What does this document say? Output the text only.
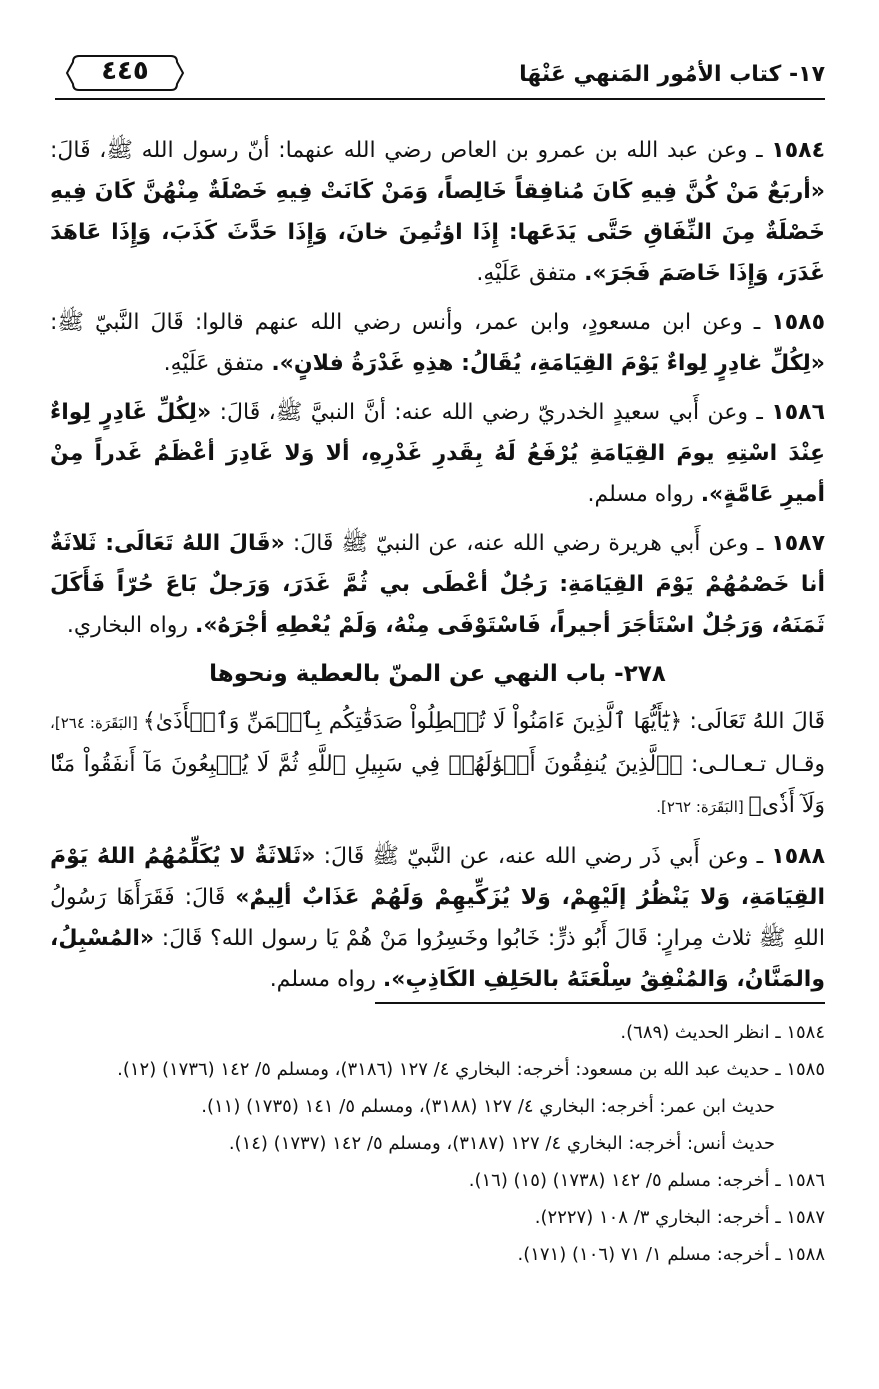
١٧- كتاب الأمُور المَنهي عَنْهَا
٤٤٥

١٥٨٤ ـ وعن عبد الله بن عمرو بن العاص رضي الله عنهما: أنّ رسول الله ﷺ، قَالَ: «أربَعٌ مَنْ كُنَّ فِيهِ كَانَ مُنافِقاً خَالِصاً، وَمَنْ كَانَتْ فِيهِ خَصْلَةٌ مِنْهُنَّ كَانَ فِيهِ خَصْلَةٌ مِنَ النِّفَاقِ حَتَّى يَدَعَها: إِذَا اؤتُمِنَ خانَ، وَإِذَا حَدَّثَ كَذَبَ، وَإِذَا عَاهَدَ غَدَرَ، وَإِذَا خَاصَمَ فَجَرَ». متفق عَلَيْهِ.

١٥٨٥ ـ وعن ابن مسعودٍ، وابن عمر، وأنس رضي الله عنهم قالوا: قَالَ النَّبيّ ﷺ: «لِكُلِّ غادِرٍ لِواءٌ يَوْمَ القِيَامَةِ، يُقَالُ: هذِهِ غَدْرَةُ فلانٍ». متفق عَلَيْهِ.

١٥٨٦ ـ وعن أَبي سعيدٍ الخدريّ رضي الله عنه: أنَّ النبيَّ ﷺ، قَالَ: «لِكُلِّ غَادِرٍ لِواءٌ عِنْدَ اسْتِهِ يومَ القِيَامَةِ يُرْفَعُ لَهُ بِقَدرِ غَدْرِهِ، ألا وَلا غَادِرَ أعْظَمُ غَدراً مِنْ أميرِ عَامَّةٍ». رواه مسلم.

١٥٨٧ ـ وعن أَبي هريرة رضي الله عنه، عن النبيّ ﷺ قَالَ: «قَالَ اللهُ تَعَالَى: ثَلاثَةٌ أنا خَصْمُهُمْ يَوْمَ القِيَامَةِ: رَجُلٌ أعْطَى بي ثُمَّ غَدَرَ، وَرَجلٌ بَاعَ حُرّاً فَأَكَلَ ثَمَنَهُ، وَرَجُلٌ اسْتَأجَرَ أجيراً، فَاسْتَوْفَى مِنْهُ، وَلَمْ يُعْطِهِ أجْرَهُ». رواه البخاري.

٢٧٨- باب النهي عن المنّ بالعطية ونحوها

قَالَ اللهُ تَعَالَى: ﴿يَٰٓأَيُّهَا ٱلَّذِينَ ءَامَنُواْ لَا تُبۡطِلُواْ صَدَقَٰتِكُم بِٱلۡمَنِّ وَٱلۡأَذَىٰ﴾ [البَقَرَة: ٢٦٤]، وقـال تـعـالـى: ﴿ٱلَّذِينَ يُنفِقُونَ أَمۡوَٰلَهُمۡ فِي سَبِيلِ ٱللَّهِ ثُمَّ لَا يُتۡبِعُونَ مَآ أَنفَقُواْ مَنّٗا وَلَآ أَذٗى﴾ [البَقَرَة: ٢٦٢].

١٥٨٨ ـ وعن أَبي ذَر رضي الله عنه، عن النَّبيّ ﷺ قَالَ: «ثَلاثَةٌ لا يُكَلِّمُهُمُ اللهُ يَوْمَ القِيَامَةِ، وَلا يَنْظُرُ إلَيْهِمْ، وَلا يُزَكِّيهِمْ وَلَهُمْ عَذَابٌ ألِيمٌ» قَالَ: فَقَرَأَهَا رَسُولُ اللهِ ﷺ ثلاث مِرارٍ: قَالَ أَبُو ذرٍّ: خَابُوا وخَسِرُوا مَنْ هُمْ يَا رسول الله؟ قَالَ: «المُسْبِلُ، والمَنَّانُ، وَالمُنْفِقُ سِلْعَتَهُ بالحَلِفِ الكَاذِبِ». رواه مسلم.

١٥٨٤ ـ انظر الحديث (٦٨٩).

١٥٨٥ ـ حديث عبد الله بن مسعود: أخرجه: البخاري ٤/ ١٢٧ (٣١٨٦)، ومسلم ٥/ ١٤٢ (١٧٣٦) (١٢).

حديث ابن عمر: أخرجه: البخاري ٤/ ١٢٧ (٣١٨٨)، ومسلم ٥/ ١٤١ (١٧٣٥) (١١).

حديث أنس: أخرجه: البخاري ٤/ ١٢٧ (٣١٨٧)، ومسلم ٥/ ١٤٢ (١٧٣٧) (١٤).

١٥٨٦ ـ أخرجه: مسلم ٥/ ١٤٢ (١٧٣٨) (١٥) (١٦).

١٥٨٧ ـ أخرجه: البخاري ٣/ ١٠٨ (٢٢٢٧).

١٥٨٨ ـ أخرجه: مسلم ١/ ٧١ (١٠٦) (١٧١).
